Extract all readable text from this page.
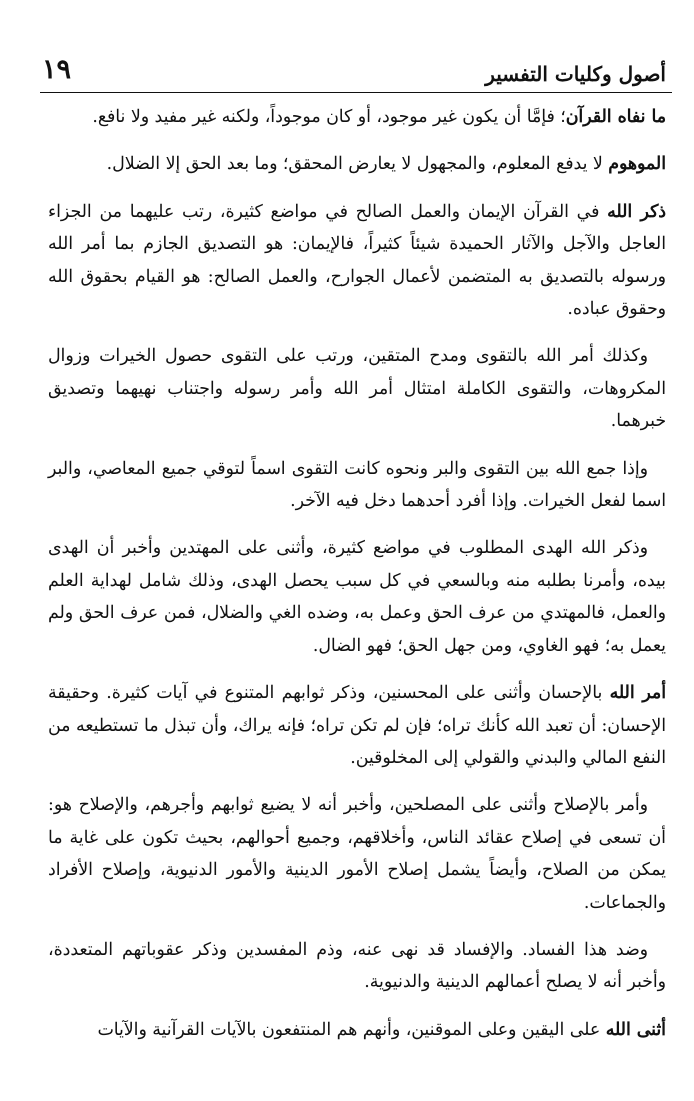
أصول وكليات التفسير
١٩

ما نفاه القرآن؛ فإمَّا أن يكون غير موجود، أو كان موجوداً، ولكنه غير مفيد ولا نافع.

الموهوم لا يدفع المعلوم، والمجهول لا يعارض المحقق؛ وما بعد الحق إلا الضلال.

ذكر الله في القرآن الإيمان والعمل الصالح في مواضع كثيرة، رتب عليهما من الجزاء العاجل والآجل والآثار الحميدة شيئاً كثيراً، فالإيمان: هو التصديق الجازم بما أمر الله ورسوله بالتصديق به المتضمن لأعمال الجوارح، والعمل الصالح: هو القيام بحقوق الله وحقوق عباده.

وكذلك أمر الله بالتقوى ومدح المتقين، ورتب على التقوى حصول الخيرات وزوال المكروهات، والتقوى الكاملة امتثال أمر الله وأمر رسوله واجتناب نهيهما وتصديق خبرهما.

وإذا جمع الله بين التقوى والبر ونحوه كانت التقوى اسماً لتوقي جميع المعاصي، والبر اسما لفعل الخيرات. وإذا أفرد أحدهما دخل فيه الآخر.

وذكر الله الهدى المطلوب في مواضع كثيرة، وأثنى على المهتدين وأخبر أن الهدى بيده، وأمرنا بطلبه منه وبالسعي في كل سبب يحصل الهدى، وذلك شامل لهداية العلم والعمل، فالمهتدي من عرف الحق وعمل به، وضده الغي والضلال، فمن عرف الحق ولم يعمل به؛ فهو الغاوي، ومن جهل الحق؛ فهو الضال.

أمر الله بالإحسان وأثنى على المحسنين، وذكر ثوابهم المتنوع في آيات كثيرة. وحقيقة الإحسان: أن تعبد الله كأنك تراه؛ فإن لم تكن تراه؛ فإنه يراك، وأن تبذل ما تستطيعه من النفع المالي والبدني والقولي إلى المخلوقين.

وأمر بالإصلاح وأثنى على المصلحين، وأخبر أنه لا يضيع ثوابهم وأجرهم، والإصلاح هو: أن تسعى في إصلاح عقائد الناس، وأخلاقهم، وجميع أحوالهم، بحيث تكون على غاية ما يمكن من الصلاح، وأيضاً يشمل إصلاح الأمور الدينية والأمور الدنيوية، وإصلاح الأفراد والجماعات.

وضد هذا الفساد. والإفساد قد نهى عنه، وذم المفسدين وذكر عقوباتهم المتعددة، وأخبر أنه لا يصلح أعمالهم الدينية والدنيوية.

أثنى الله على اليقين وعلى الموقنين، وأنهم هم المنتفعون بالآيات القرآنية والآيات
